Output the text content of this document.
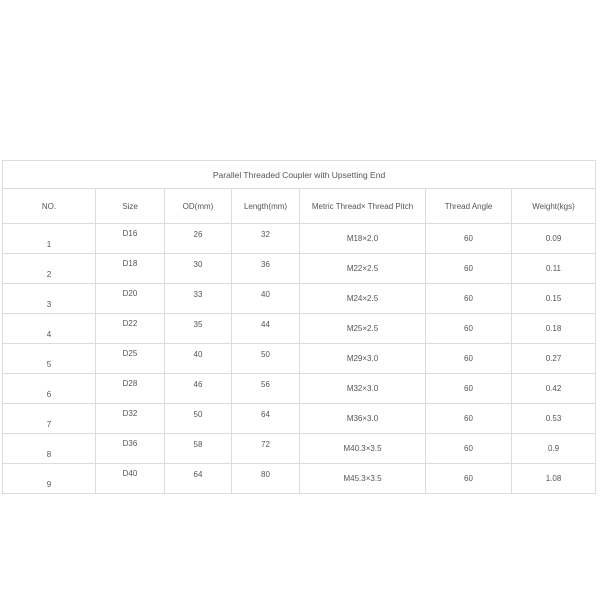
Parallel Threaded Coupler with Upsetting End						
NO.	Size	OD(mm)	Length(mm)	Metric Thread× Thread Pitch	Thread Angle	Weight(kgs)
1	D16	26	32	M18×2.0	60	0.09
2	D18	30	36	M22×2.5	60	0.11
3	D20	33	40	M24×2.5	60	0.15
4	D22	35	44	M25×2.5	60	0.18
5	D25	40	50	M29×3.0	60	0.27
6	D28	46	56	M32×3.0	60	0.42
7	D32	50	64	M36×3.0	60	0.53
8	D36	58	72	M40.3×3.5	60	0.9
9	D40	64	80	M45.3×3.5	60	1.08
